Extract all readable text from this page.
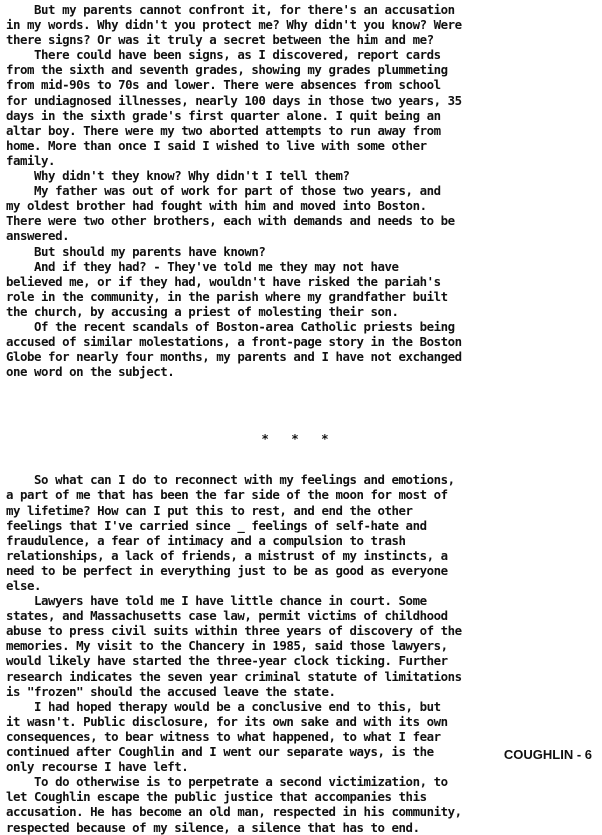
But my parents cannot confront it, for there's an accusation
in my words. Why didn't you protect me? Why didn't you know? Were
there signs? Or was it truly a secret between the him and me?
There could have been signs, as I discovered, report cards
from the sixth and seventh grades, showing my grades plummeting
from mid-90s to 70s and lower. There were absences from school
for undiagnosed illnesses, nearly 100 days in those two years, 35
days in the sixth grade's first quarter alone. I quit being an
altar boy. There were my two aborted attempts to run away from
home. More than once I said I wished to live with some other
family.
Why didn't they know? Why didn't I tell them?
My father was out of work for part of those two years, and
my oldest brother had fought with him and moved into Boston.
There were two other brothers, each with demands and needs to be
answered.
But should my parents have known?
And if they had? - They've told me they may not have
believed me, or if they had, wouldn't have risked the pariah's
role in the community, in the parish where my grandfather built
the church, by accusing a priest of molesting their son.
Of the recent scandals of Boston-area Catholic priests being
accused of similar molestations, a front-page story in the Boston
Globe for nearly four months, my parents and I have not exchanged
one word on the subject.
*   *   *
So what can I do to reconnect with my feelings and emotions,
a part of me that has been the far side of the moon for most of
my lifetime? How can I put this to rest, and end the other
feelings that I've carried since _ feelings of self-hate and
fraudulence, a fear of intimacy and a compulsion to trash
relationships, a lack of friends, a mistrust of my instincts, a
need to be perfect in everything just to be as good as everyone
else.
Lawyers have told me I have little chance in court. Some
states, and Massachusetts case law, permit victims of childhood
abuse to press civil suits within three years of discovery of the
memories. My visit to the Chancery in 1985, said those lawyers,
would likely have started the three-year clock ticking. Further
research indicates the seven year criminal statute of limitations
is "frozen" should the accused leave the state.
I had hoped therapy would be a conclusive end to this, but
it wasn't. Public disclosure, for its own sake and with its own
consequences, to bear witness to what happened, to what I fear
continued after Coughlin and I went our separate ways, is the
only recourse I have left.
To do otherwise is to perpetrate a second victimization, to
let Coughlin escape the public justice that accompanies this
accusation. He has become an old man, respected in his community,
respected because of my silence, a silence that has to end.
COUGHLIN - 6
